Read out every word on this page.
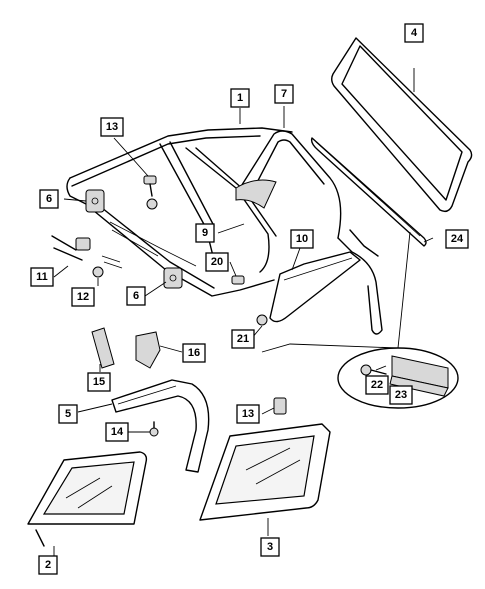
1
2
3
4
5
6
6
7
9	10
11
12
13
13
14
15
16
20
21
22
23
24
